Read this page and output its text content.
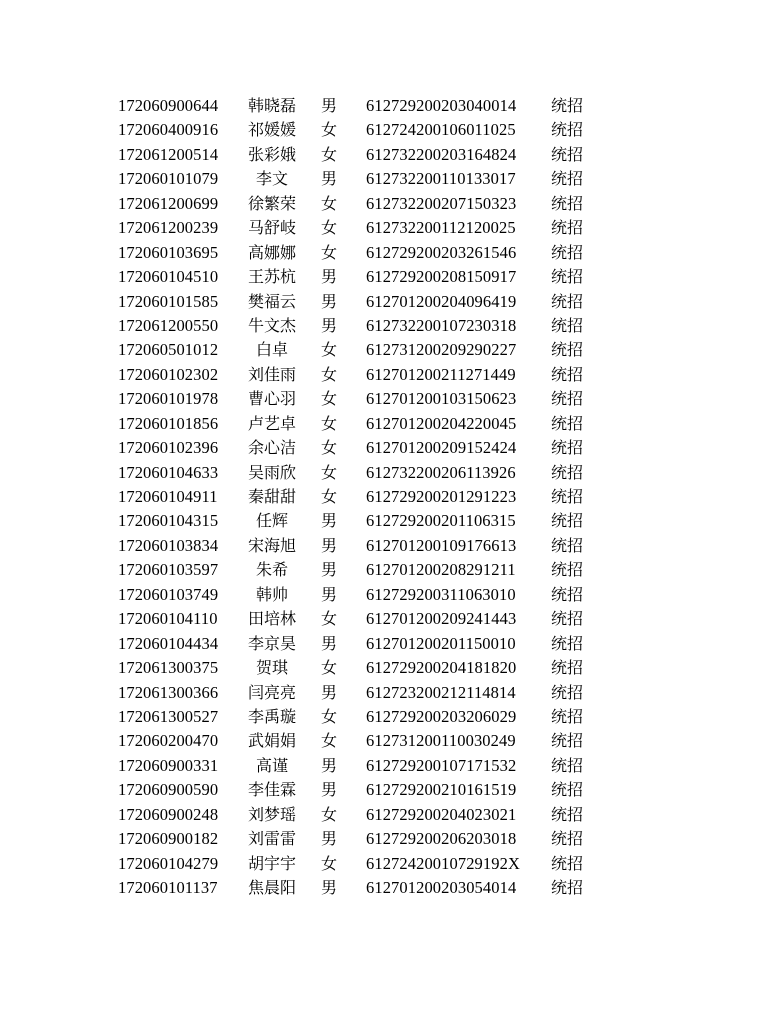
172060900644	韩晓磊	男	612729200203040014 统招
172060400916	祁媛媛	女	612724200106011025 统招
172061200514	张彩娥	女	612732200203164824 统招
172060101079	李文	男	612732200110133017 统招
172061200699	徐繁荣	女	612732200207150323 统招
172061200239	马舒岐	女	612732200112120025 统招
172060103695	高娜娜	女	612729200203261546 统招
172060104510	王苏杭	男	612729200208150917 统招
172060101585	樊福云	男	612701200204096419 统招
172061200550	牛文杰	男	612732200107230318 统招
172060501012	白卓	女	612731200209290227 统招
172060102302	刘佳雨	女	612701200211271449 统招
172060101978	曹心羽	女	612701200103150623 统招
172060101856	卢艺卓	女	612701200204220045 统招
172060102396	余心洁	女	612701200209152424 统招
172060104633	吴雨欣	女	612732200206113926 统招
172060104911	秦甜甜	女	612729200201291223 统招
172060104315	任辉	男	612729200201106315 统招
172060103834	宋海旭	男	612701200109176613 统招
172060103597	朱希	男	612701200208291211 统招
172060103749	韩帅	男	612729200311063010 统招
172060104110	田培林	女	612701200209241443 统招
172060104434	李京昊	男	612701200201150010 统招
172061300375	贺琪	女	612729200204181820 统招
172061300366	闫亮亮	男	612723200212114814 统招
172061300527	李禹璇	女	612729200203206029 统招
172060200470	武娟娟	女	612731200110030249 统招
172060900331	高谨	男	612729200107171532 统招
172060900590	李佳霖	男	612729200210161519 统招
172060900248	刘梦瑶	女	612729200204023021 统招
172060900182	刘雷雷	男	612729200206203018 统招
172060104279	胡宇宇	女	61272420010729192X 统招
172060101137	焦晨阳	男	612701200203054014 统招
